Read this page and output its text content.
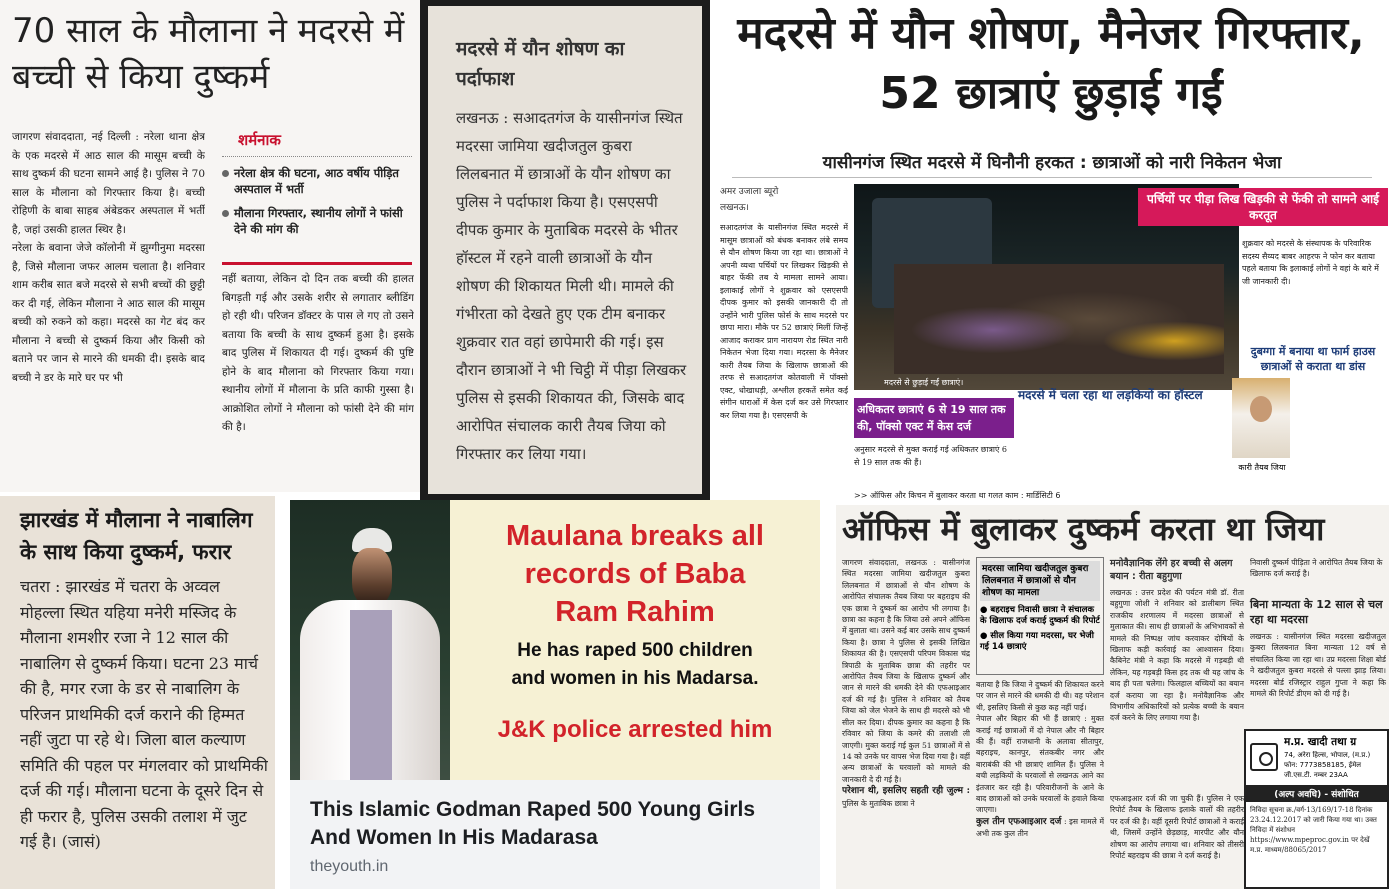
70 साल के मौलाना ने मदरसे में बच्ची से किया दुष्कर्म
जागरण संवाददाता, नई दिल्ली : नरेला थाना क्षेत्र के एक मदरसे में आठ साल की मासूम बच्ची के साथ दुष्कर्म की घटना सामने आई है। पुलिस ने 70 साल के मौलाना को गिरफ्तार किया है। बच्ची रोहिणी के बाबा साहब अंबेडकर अस्पताल में भर्ती है, जहां उसकी हालत स्थिर है।
नरेला के बवाना जेजे कॉलोनी में झुग्गीनुमा मदरसा है, जिसे मौलाना जफर आलम चलाता है। शनिवार शाम करीब सात बजे मदरसे से सभी बच्चों की छुट्टी कर दी गई, लेकिन मौलाना ने आठ साल की मासूम बच्ची को रुकने को कहा। मदरसे का गेट बंद कर मौलाना ने बच्ची से दुष्कर्म किया और किसी को बताने पर जान से मारने की धमकी दी। इसके बाद बच्ची ने डर के मारे घर पर भी
शर्मनाक
नरेला क्षेत्र की घटना, आठ वर्षीय पीड़ित अस्पताल में भर्ती
मौलाना गिरफ्तार, स्थानीय लोगों ने फांसी देने की मांग की
नहीं बताया, लेकिन दो दिन तक बच्ची की हालत बिगड़ती गई और उसके शरीर से लगातार ब्लीडिंग हो रही थी। परिजन डॉक्टर के पास ले गए तो उसने बताया कि बच्ची के साथ दुष्कर्म हुआ है। इसके बाद पुलिस में शिकायत दी गई। दुष्कर्म की पुष्टि होने के बाद मौलाना को गिरफ्तार किया गया। स्थानीय लोगों में मौलाना के प्रति काफी गुस्सा है। आक्रोशित लोगों ने मौलाना को फांसी देने की मांग की है।
मदरसे में यौन शोषण का पर्दाफाश
लखनऊ : सआदतगंज के यासीनगंज स्थित मदरसा जामिया खदीजतुल कुबरा लिलबनात में छात्राओं के यौन शोषण का पुलिस ने पर्दाफाश किया है। एसएसपी दीपक कुमार के मुताबिक मदरसे के भीतर हॉस्टल में रहने वाली छात्राओं के यौन शोषण की शिकायत मिली थी। मामले की गंभीरता को देखते हुए एक टीम बनाकर शुक्रवार रात वहां छापेमारी की गई। इस दौरान छात्राओं ने भी चिट्ठी में पीड़ा लिखकर पुलिस से इसकी शिकायत की, जिसके बाद आरोपित संचालक कारी तैयब जिया को गिरफ्तार कर लिया गया।
मदरसे में यौन शोषण, मैनेजर गिरफ्तार, 52 छात्राएं छुड़ाई गईं
यासीनगंज स्थित मदरसे में घिनौनी हरकत : छात्राओं को नारी निकेतन भेजा
अमर उजाला ब्यूरो
लखनऊ।
सआदतगंज के यासीनगंज स्थित मदरसे में मासूम छात्राओं को बंधक बनाकर लंबे समय से यौन शोषण किया जा रहा था। छात्राओं ने अपनी व्यथा पर्चियों पर लिखकर खिड़की से बाहर फेंकी तब ये मामला सामने आया। इलाकाई लोगों ने शुक्रवार को एसएसपी दीपक कुमार को इसकी जानकारी दी तो उन्होंने भारी पुलिस फोर्स के साथ मदरसे पर छापा मारा। मौके पर 52 छात्राएं मिलीं जिन्हें आजाद कराकर प्राग नारायण रोड स्थित नारी निकेतन भेजा दिया गया। मदरसा के मैनेजर कारी तैयब जिया के खिलाफ छात्राओं की तरफ से सआदतगंज कोतवाली में पॉक्सो एक्ट, धोखाधड़ी, अश्लील हरकतें समेत कई संगीन धाराओं में केस दर्ज कर उसे गिरफ्तार कर लिया गया है। एसएसपी के
मदरसे से छुड़ाई गईं छात्राएं।
पर्चियों पर पीड़ा लिख खिड़की से फेंकी तो सामने आई करतूत
अधिकतर छात्राएं 6 से 19 साल तक की, पॉक्सो एक्ट में केस दर्ज
अनुसार मदरसे से मुक्त कराई गई अधिकतर छात्राएं 6 से 19 साल तक की हैं।
मदरसे में चला रहा था लड़कियों का हॉस्टल
>> ऑफिस और किचन में बुलाकर करता था गलत काम : मार्डिसिटी 6
शुक्रवार को मदरसे के संस्थापक के परिवारिक सदस्य सैय्यद बाबर आहरफ ने फोन कर बताया पहले बताया कि इलाकाई लोगों ने वहां के बारे में जी जानकारी दी।
दुबग्गा में बनाया था फार्म हाउस छात्राओं से कराता था डांस
कारी तैयब जिया
झारखंड में मौलाना ने नाबालिग के साथ किया दुष्कर्म, फरार
चतरा : झारखंड में चतरा के अव्वल मोहल्ला स्थित यहिया मनेरी मस्जिद के मौलाना शमशीर रजा ने 12 साल की नाबालिग से दुष्कर्म किया। घटना 23 मार्च की है, मगर रजा के डर से नाबालिग के परिजन प्राथमिकी दर्ज कराने की हिम्मत नहीं जुटा पा रहे थे। जिला बाल कल्याण समिति की पहल पर मंगलवार को प्राथमिकी दर्ज की गई। मौलाना घटना के दूसरे दिन से ही फरार है, पुलिस उसकी तलाश में जुट गई है। (जासं)
Maulana breaks all
records of Baba
Ram Rahim
He has raped 500 children
and women in his Madarsa.
J&K police arrested him
This Islamic Godman Raped 500 Young Girls And Women In His Madarasa
theyouth.in
ऑफिस में बुलाकर दुष्कर्म करता था जिया
जागरण संवाददाता, लखनऊ : यासीनगंज स्थित मदरसा जामिया खदीजतुल कुबरा लिलबनात में छात्राओं से यौन शोषण के आरोपित संचालक तैयब जिया पर बहराइच की एक छात्रा ने दुष्कर्म का आरोप भी लगाया है। छात्रा का कहना है कि जिया उसे अपने ऑफिस में बुलाता था। उसने कई बार उसके साथ दुष्कर्म किया है। छात्रा ने पुलिस से इसकी लिखित शिकायत की है। एसएसपी परिपम विकास चंद्र त्रिपाठी के मुताबिक छात्रा की तहरीर पर आरोपित तैयब जिया के खिलाफ दुष्कर्म और जान से मारने की धमकी देने की एफआइआर दर्ज की गई है। पुलिस ने शनिवार को तैयब जिया को जेल भेजने के साथ ही मदरसे को भी सील कर दिया। दीपक कुमार का कहना है कि रविवार को जिया के कमरे की तलाशी ली जाएगी। मुक्त कराई गई कुल 51 छात्राओं में से 14 को उनके घर वापस भेज दिया गया है। वहीं अन्य छात्राओं के घरवालों को मामले की जानकारी दे दी गई है।
परेशान थी, इसलिए सहती रही जुल्म : पुलिस के मुताबिक छात्रा ने
मदरसा जामिया खदीजतुल कुबरा लिलबनात में छात्राओं से यौन शोषण का मामला
● बहराइच निवासी छात्रा ने संचालक के खिलाफ दर्ज कराई दुष्कर्म की रिपोर्ट
● सील किया गया मदरसा, घर भेजी गई 14 छात्राएं
बताया है कि जिया ने दुष्कर्म की शिकायत करने पर जान से मारने की धमकी दी थी। वह परेशान थी, इसलिए किसी से कुछ कह नहीं पाई।
नेपाल और बिहार की भी हैं छात्राएं : मुक्त कराई गई छात्राओं में दो नेपाल और नौ बिहार की हैं। वहीं राजधानी के अलावा सीतापुर, बहराइच, कानपुर, संतकबीर नगर और बाराबंकी की भी छात्राएं शामिल हैं। पुलिस ने बची लड़कियों के घरवालों से लखनऊ आने का इंतजार कर रही है। परिवारीजनों के आने के बाद छात्राओं को उनके घरवालों के हवाले किया जाएगा।
कुल तीन एफआइआर दर्ज : इस मामले में अभी तक कुल तीन
मनोवैज्ञानिक लेंगे हर बच्ची से अलग बयान : रीता बहुगुणा
लखनऊ : उत्तर प्रदेश की पर्यटन मंत्री डॉ. रीता बहुगुणा जोशी ने शनिवार को डालीबाग स्थित राजकीय शरणालय में मदरसा छात्राओं से मुलाकात की। साथ ही छात्राओं के अभिभावकों से मामले की निष्पक्ष जांच करवाकर दोषियों के खिलाफ कड़ी कार्रवाई का आश्वासन दिया। कैबिनेट मंत्री ने कहा कि मदरसे में गड़बड़ी थी लेकिन, यह गड़बड़ी किस हद तक थी यह जांच के बाद ही पता चलेगा। फिलहाल बच्चियों का बयान दर्ज कराया जा रहा है। मनोवैज्ञानिक और विभागीय अधिकारियों को प्रत्येक बच्ची के बयान दर्ज करने के लिए लगाया गया है।
एफआइआर दर्ज की जा चुकी हैं। पुलिस ने एक रिपोर्ट तैयब के खिलाफ इलाके वालों की तहरीर पर दर्ज की है। वहीं दूसरी रिपोर्ट छात्राओं ने कराई थी, जिसमें उन्होंने छेड़छाड़, मारपीट और यौन शोषण का आरोप लगाया था। शनिवार को तीसरी रिपोर्ट बहराइच की छात्रा ने दर्ज कराई है।
निवासी दुष्कर्म पीड़िता ने आरोपित तैयब जिया के खिलाफ दर्ज कराई है।
बिना मान्यता के 12 साल से चल रहा था मदरसा
लखनऊ : यासीनगंज स्थित मदरसा खदीजतुल कुबरा लिलबनात बिना मान्यता 12 वर्ष से संचालित किया जा रहा था। उप्र मदरसा शिक्षा बोर्ड ने खदीजतुल कुबरा मदरसे से पल्ला झाड़ लिया। मदरसा बोर्ड रजिस्ट्रार राहुल गुप्ता ने कहा कि मामले की रिपोर्ट डीएम को दी गई है।
म.प्र. खादी तथा ग्र
74, अरेरा हिल्स, भोपाल, (म.प्र.)
फोन: 7773858185, ईमेल
जी.एस.टी. नम्बर 23AA
(अल्प अवधि) - संशोधित
निविदा सूचना क्र./वर्ग-13/169/17-18 दिनांक 23.24.12.2017 को जारी किया गया था। उक्त निविदा में संशोधन https://www.mpeproc.gov.in पर देखें म.प्र. माध्यम/88065/2017
